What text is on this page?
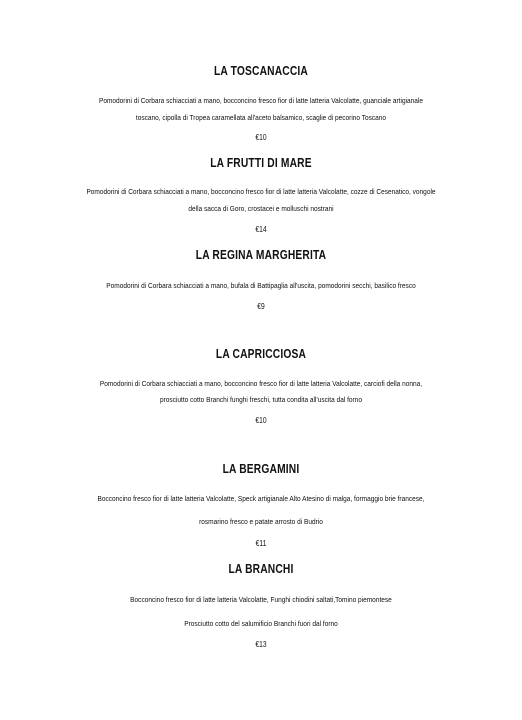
LA TOSCANACCIA
Pomodorini di Corbara schiacciati a mano, bocconcino fresco fior di latte latteria Valcolatte, guanciale artigianale
toscano, cipolla di Tropea caramellata all'aceto balsamico, scaglie di pecorino Toscano
€10
LA FRUTTI DI MARE
Pomodorini di Corbara schiacciati a mano, bocconcino fresco fior di latte latteria Valcolatte, cozze di Cesenatico, vongole
della sacca di Goro, crostacei e molluschi nostrani
€14
LA REGINA MARGHERITA
Pomodorini di Corbara schiacciati a mano, bufala di Battipaglia all'uscita, pomodorini secchi, basilico fresco
€9
LA CAPRICCIOSA
Pomodorini di Corbara schiacciati a mano, bocconcino fresco fior di latte latteria Valcolatte, carciofi della nonna,
prosciutto cotto Branchi funghi freschi, tutta condita all'uscita dal forno
€10
LA BERGAMINI
Bocconcino fresco fior di latte latteria Valcolatte, Speck artigianale Alto Atesino di malga, formaggio brie francese,
rosmarino fresco e patate arrosto di Budrio
€11
LA BRANCHI
Bocconcino fresco fior di latte latteria Valcolatte, Funghi chiodini saltati,Tomino piemontese
Prosciutto cotto del salumificio Branchi fuori dal forno
€13
